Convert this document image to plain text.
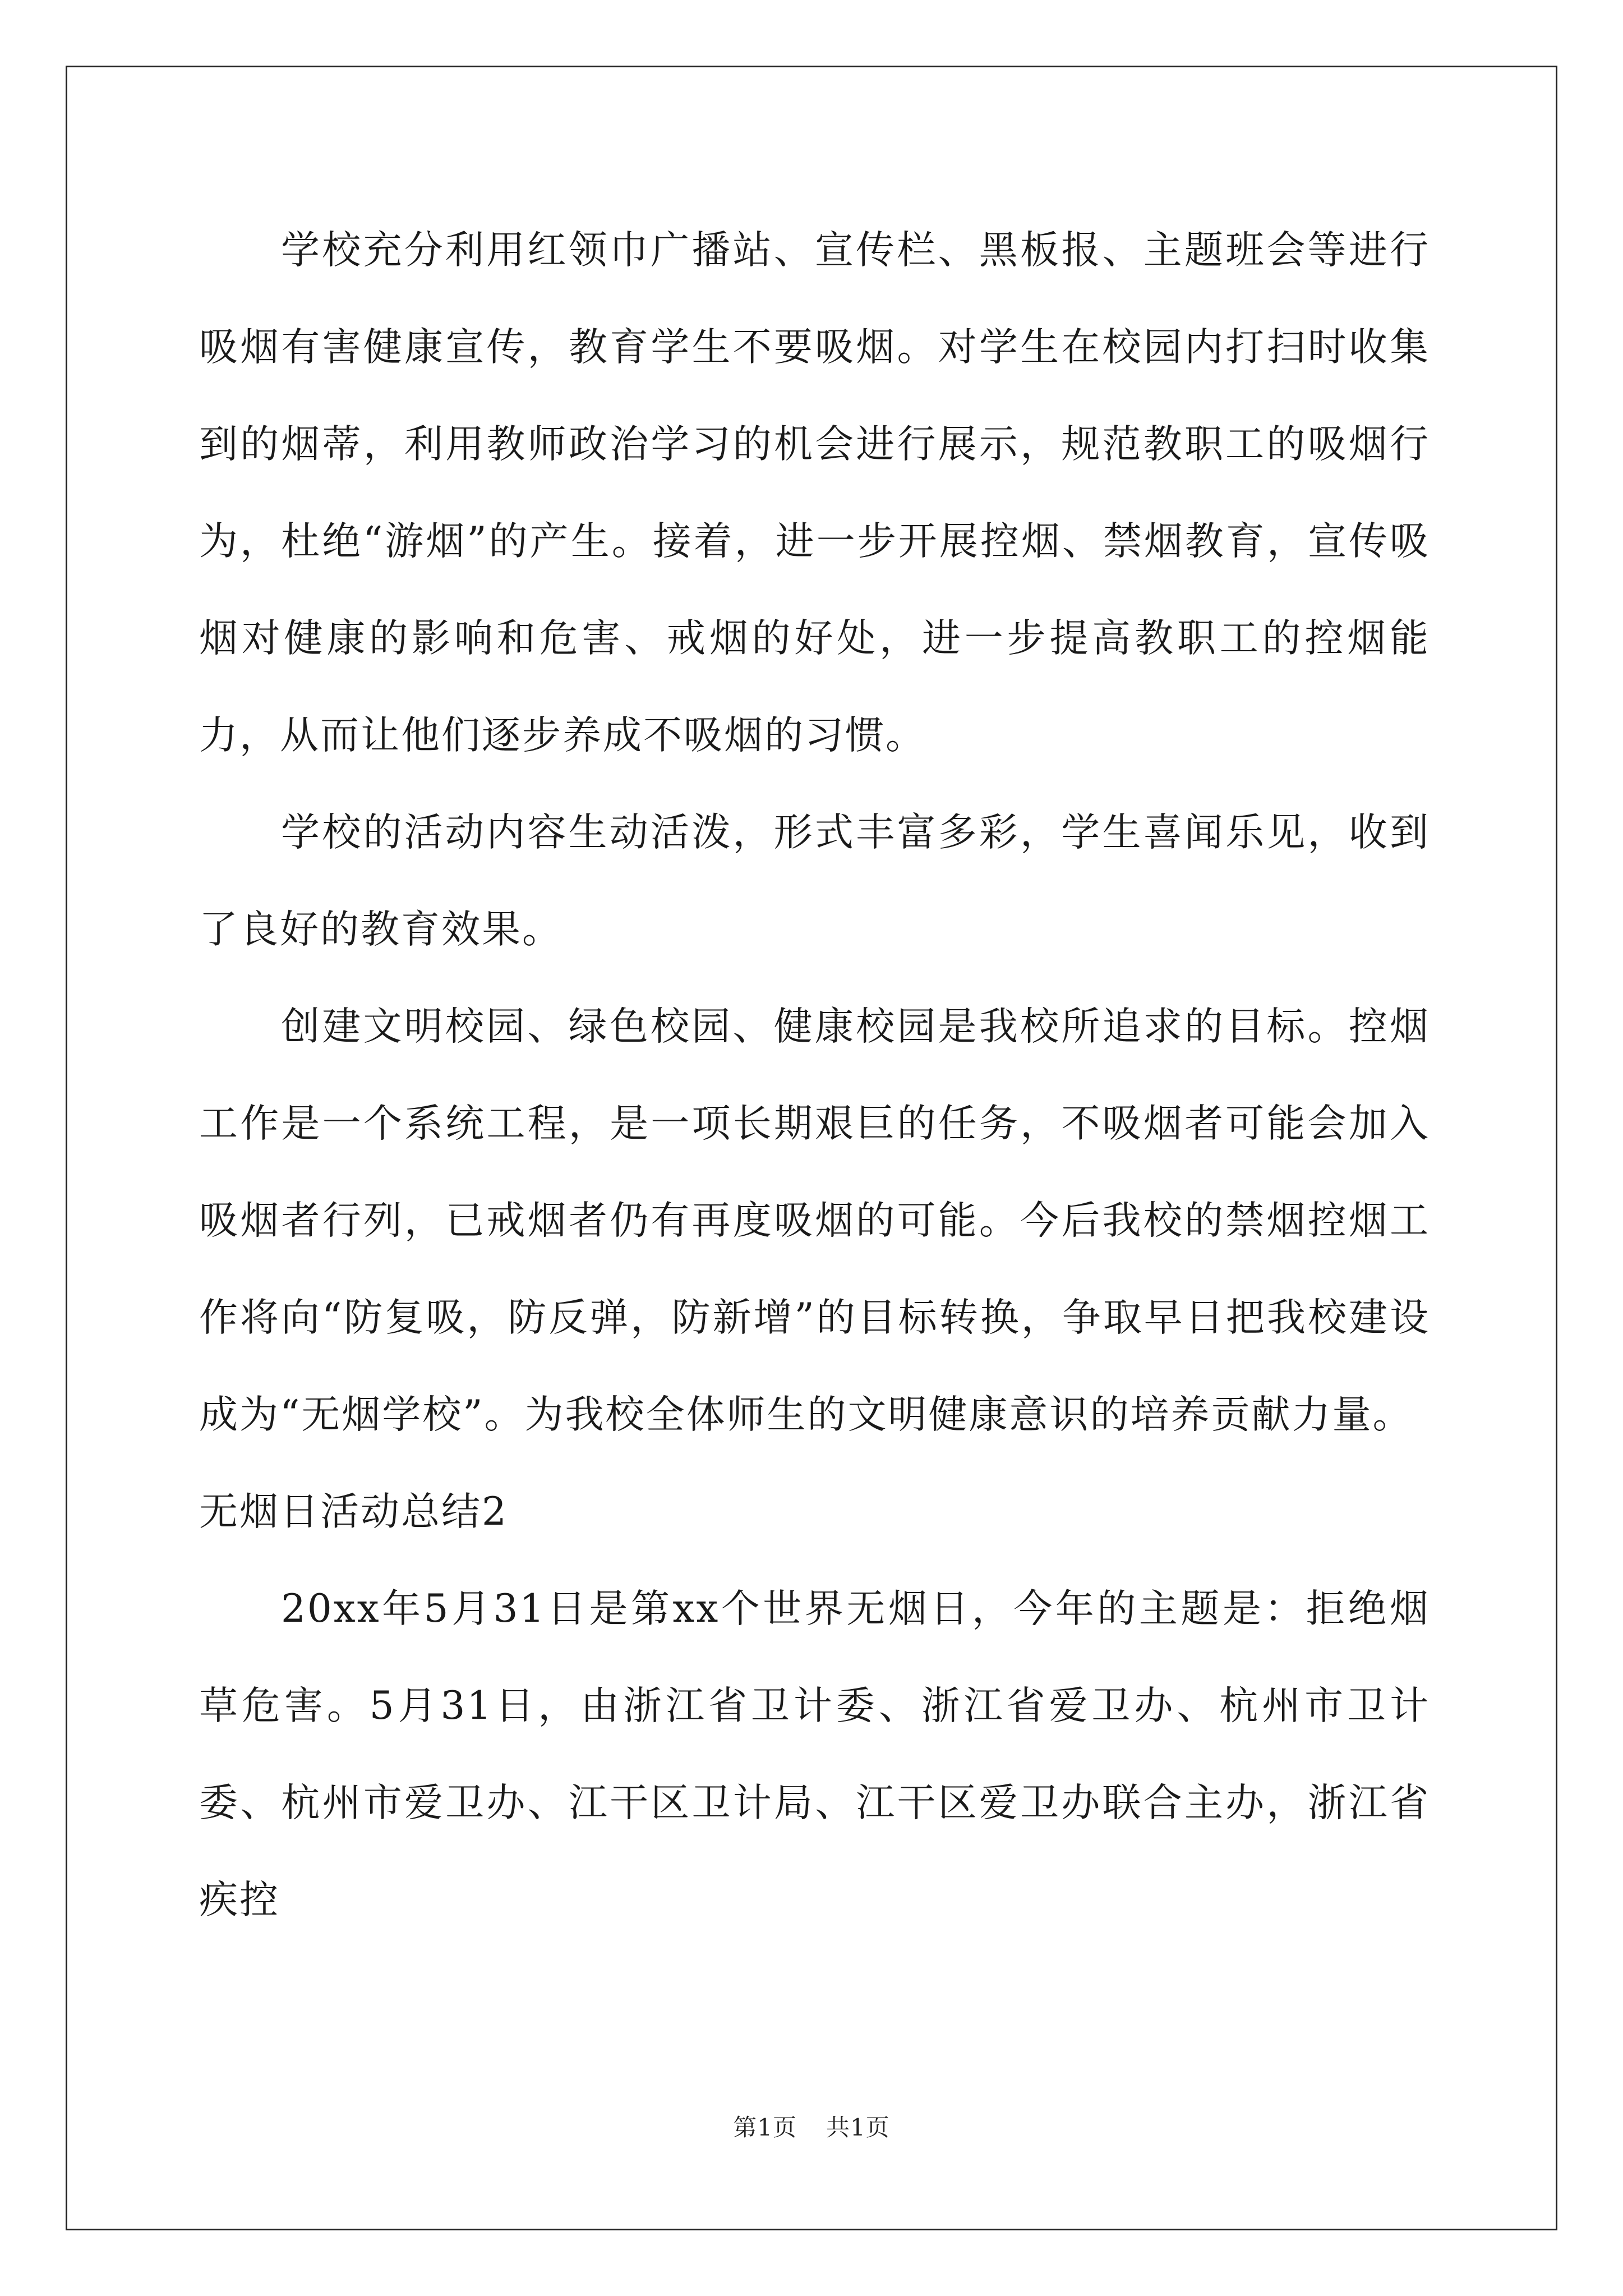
学校充分利用红领巾广播站、宣传栏、黑板报、主题班会等进行吸烟有害健康宣传，教育学生不要吸烟。对学生在校园内打扫时收集到的烟蒂，利用教师政治学习的机会进行展示，规范教职工的吸烟行为，杜绝“游烟”的产生。接着，进一步开展控烟、禁烟教育，宣传吸烟对健康的影响和危害、戒烟的好处，进一步提高教职工的控烟能力，从而让他们逐步养成不吸烟的习惯。

学校的活动内容生动活泼，形式丰富多彩，学生喜闻乐见，收到了良好的教育效果。

创建文明校园、绿色校园、健康校园是我校所追求的目标。控烟工作是一个系统工程，是一项长期艰巨的任务，不吸烟者可能会加入吸烟者行列，已戒烟者仍有再度吸烟的可能。今后我校的禁烟控烟工作将向“防复吸，防反弹，防新增”的目标转换，争取早日把我校建设成为“无烟学校”。为我校全体师生的文明健康意识的培养贡献力量。

无烟日活动总结2

20xx年5月31日是第xx个世界无烟日，今年的主题是：拒绝烟草危害。5月31日，由浙江省卫计委、浙江省爱卫办、杭州市卫计委、杭州市爱卫办、江干区卫计局、江干区爱卫办联合主办，浙江省疾控

第1页 共1页
